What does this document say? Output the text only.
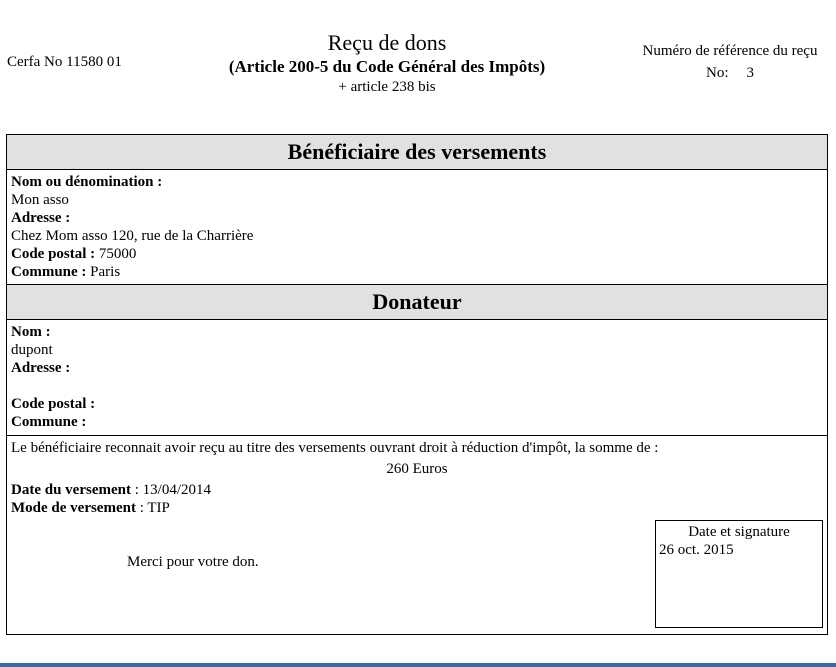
Cerfa No 11580 01
Reçu de dons
(Article 200-5 du Code Général des Impôts)
+ article 238 bis
Numéro de référence du reçu
No: 3
Bénéficiaire des versements
Nom ou dénomination :
Mon asso
Adresse :
Chez Mom asso 120, rue de la Charrière
Code postal : 75000
Commune : Paris
Donateur
Nom :
dupont
Adresse :
Code postal :
Commune :
Le bénéficiaire reconnait avoir reçu au titre des versements ouvrant droit à réduction d'impôt, la somme de :
260 Euros
Date du versement : 13/04/2014
Mode de versement : TIP
Merci pour votre don.
Date et signature
26 oct. 2015
